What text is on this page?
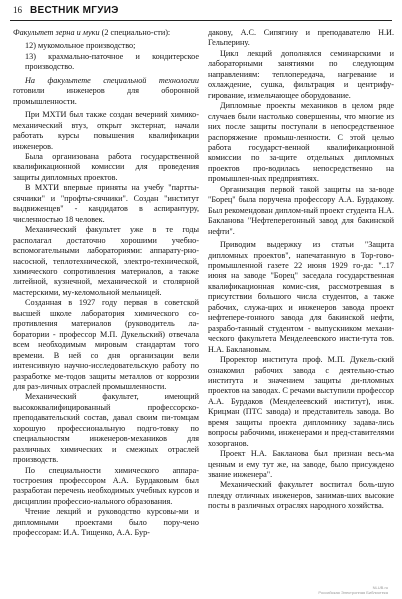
16 ВЕСТНИК МГУИЭ

Факультет зерна и муки (2 специально-сти):

12) мукомольное производство;

13) крахмально-паточное и кондитерское производство.

На факультете специальной технологии готовили инженеров для оборонной промышленности.

При МХТИ был также создан вечерний химико-механический втуз, открыт экстернат, начали работать курсы повышения квалификации инженеров.

Была организована работа государственной квалификационной комиссии для проведения защиты дипломных проектов.

В МХТИ впервые приняты на учебу "партты-сячники" и "профты-сячники". Создан "институт выдвиженцев" - кандидатов в аспирантуру, численностью 18 человек.

Механический факультет уже в те годы располагал достаточно хорошими учебно-вспомогательными лабораториями: аппарату-рно-насосной, теплотехнической, электро-технической, химического сопротивления материалов, а также литейной, кузнечной, механической и столярной мастерскими, му-келомольной мельницей.

Созданная в 1927 году первая в советской высшей школе лаборатория химического со-противления материалов (руководитель ла-боратории - профессор М.П. Дукельский) отвечала всем необходимым мировым стандартам того времени. В ней со дня организации вели интенсивную научно-исследовательскую работу по разработке ме-тодов защиты металлов от коррозии для раз-личных отраслей промышленности.

Механический факультет, имеющий высококвалифицированный профессорско-преподавательский состав, давал своим пи-томцам хорошую профессиональную подго-товку по специальностям инженеров-механиков для различных химических и смежных отраслей производств.

По специальности химического аппара-тостроения профессором А.А. Бурдаковым был разработан перечень необходимых учебных курсов и дисциплин профессио-нального образования.

Чтение лекций и руководство курсовы-ми и дипломными проектами было пору-чено профессорам: И.А. Тищенко, А.А. Бур-

даковy, А.С. Сипягину и преподавателю Н.И. Гельперину.

Цикл лекций дополнялся семинарскими и лабораторными занятиями по следующим направлениям: теплопередача, нагревание и охлаждение, сушка, фильтрация и центрифу-гирование, измельчающее оборудование.

Дипломные проекты механиков в целом ряде случаев были настолько совершенны, что многие из них после защиты поступали в непосредственное распоряжение промыш-ленности. С этой целью работа государст-венной квалификационной комиссии по за-щите отдельных дипломных проектов про-водилась непосредственно на промышлен-ных предприятиях.

Организация первой такой защиты на за-воде "Борец" была поручена профессору А.А. Бурдакову. Был рекомендован диплом-ный проект студента Н.А. Бакланова "Нефтеперегонный завод для бакинской нефти".

Приводим выдержку из статьи "Защита дипломных проектов", напечатанную в Тор-гово-промышленной газете 22 июня 1929 го-да: "..17 июня на заводе "Борец" заседала государственная квалификационная комис-сия, рассмотревшая в присутствии большого числа студентов, а также рабочих, служа-щих и инженеров завода проект нефтепере-гонного завода для бакинской нефти, разрабо-танный студентом - выпускником механи-ческого факультета Менделеевского инсти-тута тов. Н.А. Баклановым.

Проректор института проф. М.П. Дукель-ский ознакомил рабочих завода с деятельно-стью института и значением защиты ди-пломных проектов на заводах. С речами выступили профессор А.А. Бурдаков (Менделеевский институт), инж. Крицман (ПТС завода) и представитель завода. Во время защиты проекта дипломнику задава-лись вопросы рабочими, инженерами и пред-ставителями хозорганов.

Проект Н.А. Бакланова был признан весь-ма ценным и ему тут же, на заводе, было присуждено звание инженера".

Механический факультет воспитал боль-шую плеяду отличных инженеров, занимав-ших высокие посты в различных отраслях народного хозяйства.

NLUB.ru
Российская Электронная Библиотека
